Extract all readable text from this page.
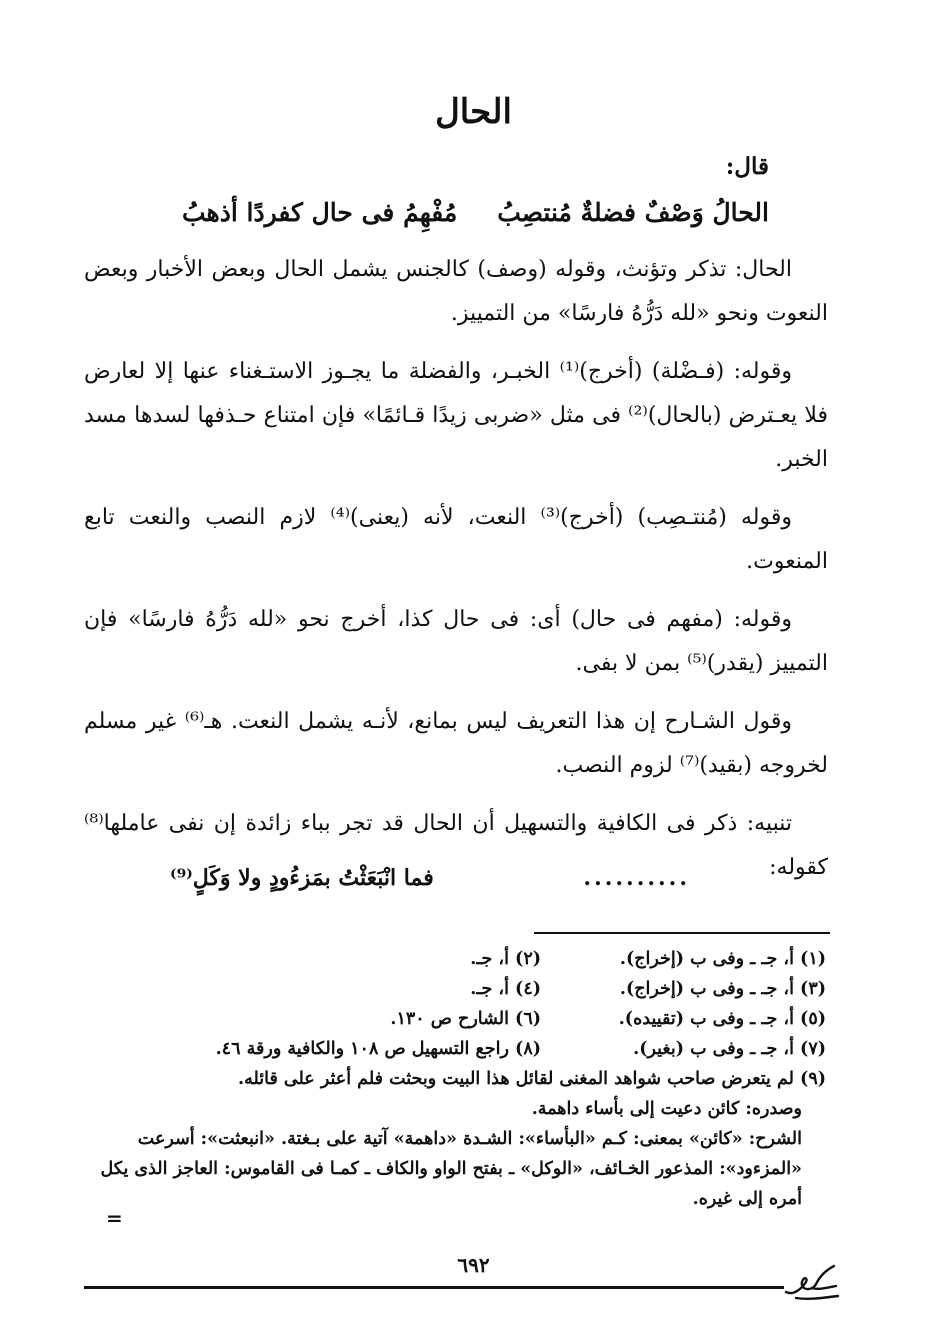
الحال
قال:
الحالُ وَصْفٌ فضلةٌ مُنتصِبُ
مُفْهِمُ فى حال كفردًا أذهبُ

الحال: تذكر وتؤنث، وقوله (وصف) كالجنس يشمل الحال وبعض الأخبار وبعض النعوت ونحو «لله دَرُّهُ فارسًا» من التمييز.

وقوله: (فـضْلة) (أخرج)⁽¹⁾ الخبـر، والفضلة ما يجـوز الاستـغناء عنها إلا لعارض فلا يعـترض (بالحال)⁽²⁾ فى مثل «ضربى زيدًا قـائمًا» فإن امتناع حـذفها لسدها مسد الخبر.

وقوله (مُنتـصِب) (أخرج)⁽³⁾ النعت، لأنه (يعنى)⁽⁴⁾ لازم النصب والنعت تابع المنعوت.

وقوله: (مفهم فى حال) أى: فى حال كذا، أخرج نحو «لله دَرُّهُ فارسًا» فإن التمييز (يقدر)⁽⁵⁾ بمن لا بفى.

وقول الشـارح إن هذا التعريف ليس بمانع، لأنـه يشمل النعت. هـ⁽⁶⁾ غير مسلم لخروجه (بقيد)⁽⁷⁾ لزوم النصب.

تنبيه: ذكر فى الكافية والتسهيل أن الحال قد تجر بباء زائدة إن نفى عاملها⁽⁸⁾ كقوله:

..........
فما انْبَعَثْتُ بمَزءُودٍ ولا وَكَلٍ⁽⁹⁾
(١) أ، جـ ـ وفى ب (إخراج).
(٢) أ، جـ.
(٣) أ، جـ ـ وفى ب (إخراج).
(٤) أ، جـ.
(٥) أ، جـ ـ وفى ب (تقييده).
(٦) الشارح ص ١٣٠.
(٧) أ، جـ ـ وفى ب (بغير).
(٨) راجع التسهيل ص ١٠٨ والكافية ورقة ٤٦.

(٩) لم يتعرض صاحب شواهد المغنى لقائل هذا البيت وبحثت فلم أعثر على قائله.

وصدره: كائن دعيت إلى بأساء داهمة.

الشرح: «كائن» بمعنى: كـم «البأساء»: الشـدة «داهمة» آتية على بـغتة. «انبعثت»: أسرعت «المزءود»: المذعور الخـائف، «الوكل» ـ بفتح الواو والكاف ـ كمـا فى القاموس: العاجز الذى يكل أمره إلى غيره.

=
٦٩٢
